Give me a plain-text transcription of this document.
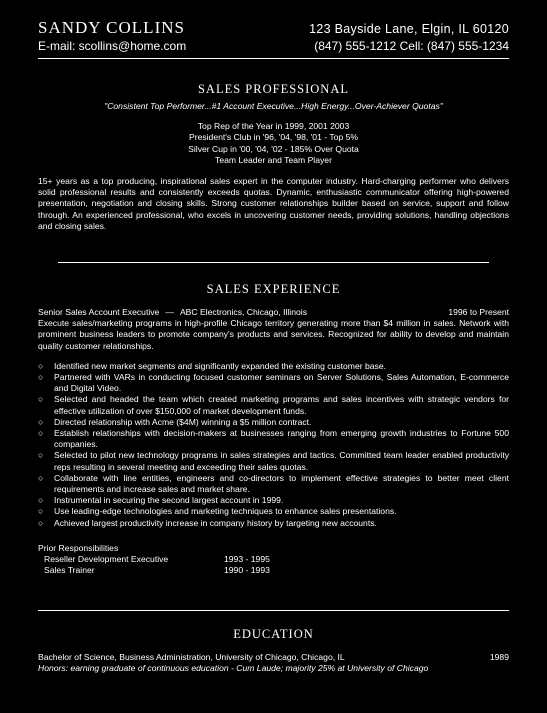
SANDY COLLINS	123 Bayside Lane, Elgin, IL 60120
E-mail: scollins@home.com	(847) 555-1212 Cell: (847) 555-1234
SALES PROFESSIONAL
"Consistent Top Performer...#1 Account Executive...High Energy...Over-Achiever Quotas"
Top Rep of the Year in 1999, 2001 2003
President's Club in '96, '04, '98, '01 - Top 5%
Silver Cup in '00, '04, '02 - 185% Over Quota
Team Leader and Team Player
15+ years as a top producing, inspirational sales expert in the computer industry. Hard-charging performer who delivers solid professional results and consistently exceeds quotas. Dynamic, enthusiastic communicator offering high-powered presentation, negotiation and closing skills. Strong customer relationships builder based on service, support and follow through. An experienced professional, who excels in uncovering customer needs, providing solutions, handling objections and closing sales.
SALES EXPERIENCE
Senior Sales Account Executive — ABC Electronics, Chicago, Illinois	1996 to Present
Execute sales/marketing programs in high-profile Chicago territory generating more than $4 million in sales. Network with prominent business leaders to promote company's products and services. Recognized for ability to develop and maintain quality customer relationships.
○	Identified new market segments and significantly expanded the existing customer base.
○	Partnered with VARs in conducting focused customer seminars on Server Solutions, Sales Automation, E-commerce and Digital Video.
○	Selected and headed the team which created marketing programs and sales incentives with strategic vendors for effective utilization of over $150,000 of market development funds.
○	Directed relationship with Acme ($4M) winning a $5 million contract.
○	Establish relationships with decision-makers at businesses ranging from emerging growth industries to Fortune 500 companies.
○	Selected to pilot new technology programs in sales strategies and tactics. Committed team leader enabled productivity reps resulting in several meeting and exceeding their sales quotas.
○	Collaborate with line entities, engineers and co-directors to implement effective strategies to better meet client requirements and increase sales and market share.
○	Instrumental in securing the second largest account in 1999.
○	Use leading-edge technologies and marketing techniques to enhance sales presentations.
○	Achieved largest productivity increase in company history by targeting new accounts.
Prior Responsibilities
Reseller Development Executive	1993 - 1995
Sales Trainer	1990 - 1993
EDUCATION
Bachelor of Science, Business Administration, University of Chicago, Chicago, IL	1989
Honors: earning graduate of continuous education - Cum Laude; majority 25% at University of Chicago
